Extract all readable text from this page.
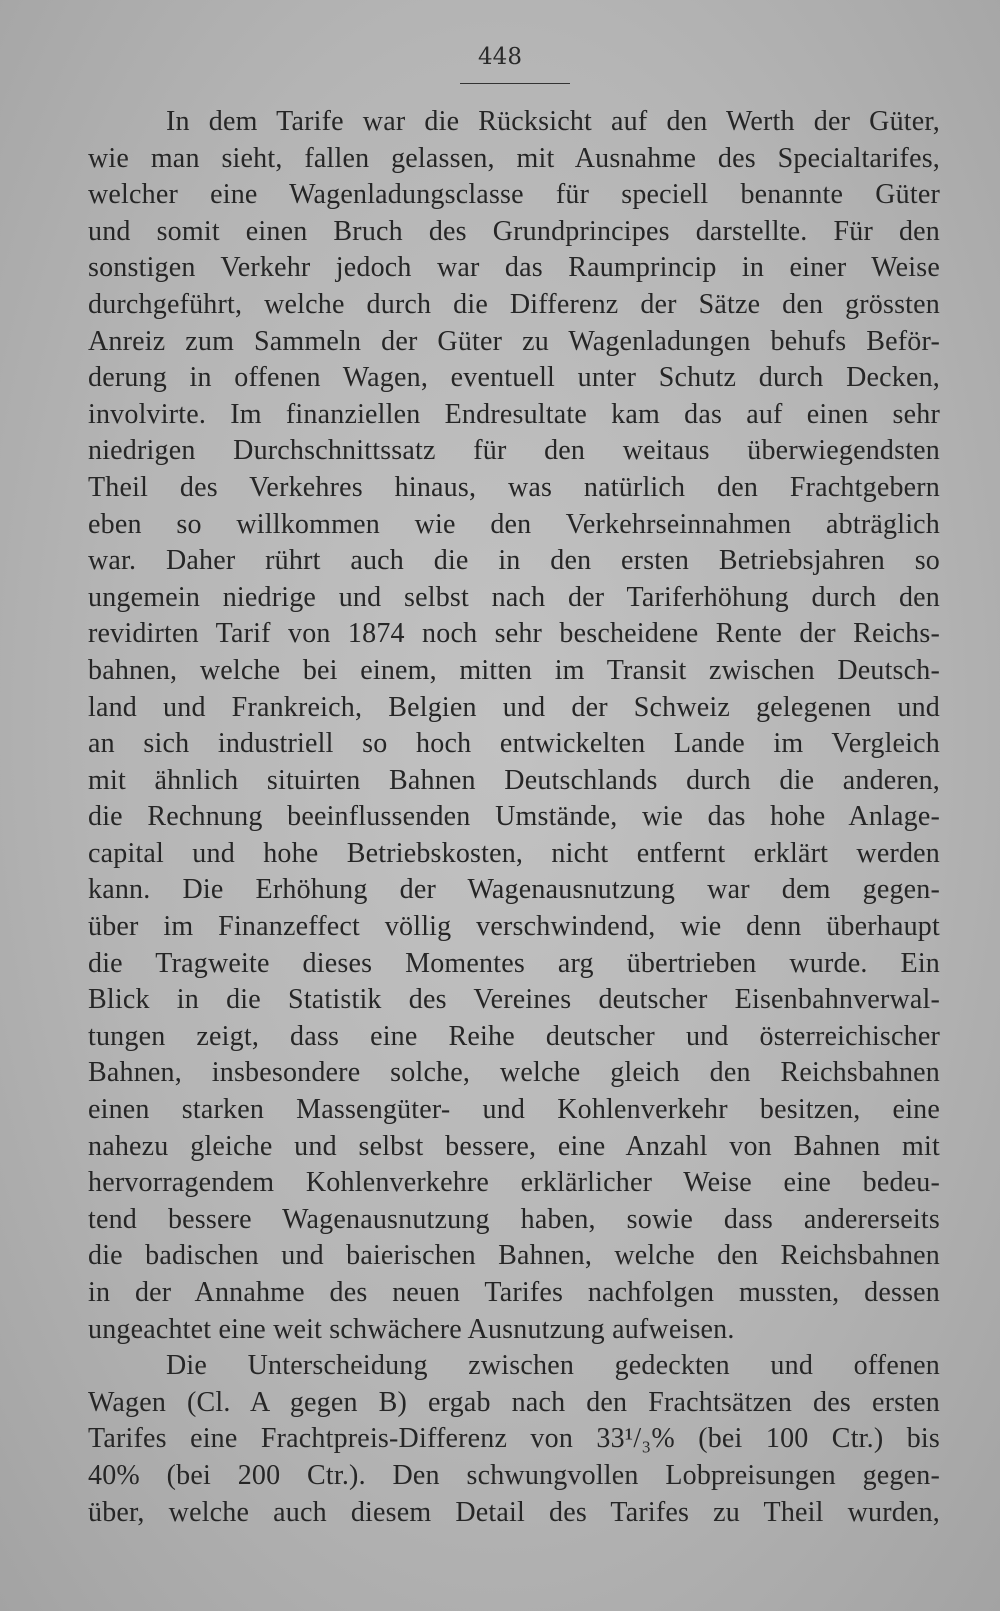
448
In dem Tarife war die Rücksicht auf den Werth der Güter,
wie man sieht, fallen gelassen, mit Ausnahme des Specialtarifes,
welcher eine Wagenladungsclasse für speciell benannte Güter
und somit einen Bruch des Grundprincipes darstellte. Für den
sonstigen Verkehr jedoch war das Raumprincip in einer Weise
durchgeführt, welche durch die Differenz der Sätze den grössten
Anreiz zum Sammeln der Güter zu Wagenladungen behufs Beför-
derung in offenen Wagen, eventuell unter Schutz durch Decken,
involvirte. Im finanziellen Endresultate kam das auf einen sehr
niedrigen Durchschnittssatz für den weitaus überwiegendsten
Theil des Verkehres hinaus, was natürlich den Frachtgebern
eben so willkommen wie den Verkehrseinnahmen abträglich
war. Daher rührt auch die in den ersten Betriebsjahren so
ungemein niedrige und selbst nach der Tariferhöhung durch den
revidirten Tarif von 1874 noch sehr bescheidene Rente der Reichs-
bahnen, welche bei einem, mitten im Transit zwischen Deutsch-
land und Frankreich, Belgien und der Schweiz gelegenen und
an sich industriell so hoch entwickelten Lande im Vergleich
mit ähnlich situirten Bahnen Deutschlands durch die anderen,
die Rechnung beeinflussenden Umstände, wie das hohe Anlage-
capital und hohe Betriebskosten, nicht entfernt erklärt werden
kann. Die Erhöhung der Wagenausnutzung war dem gegen-
über im Finanzeffect völlig verschwindend, wie denn überhaupt
die Tragweite dieses Momentes arg übertrieben wurde. Ein
Blick in die Statistik des Vereines deutscher Eisenbahnverwal-
tungen zeigt, dass eine Reihe deutscher und österreichischer
Bahnen, insbesondere solche, welche gleich den Reichsbahnen
einen starken Massengüter- und Kohlenverkehr besitzen, eine
nahezu gleiche und selbst bessere, eine Anzahl von Bahnen mit
hervorragendem Kohlenverkehre erklärlicher Weise eine bedeu-
tend bessere Wagenausnutzung haben, sowie dass andererseits
die badischen und baierischen Bahnen, welche den Reichsbahnen
in der Annahme des neuen Tarifes nachfolgen mussten, dessen
ungeachtet eine weit schwächere Ausnutzung aufweisen.
Die Unterscheidung zwischen gedeckten und offenen
Wagen (Cl. A gegen B) ergab nach den Frachtsätzen des ersten
Tarifes eine Frachtpreis-Differenz von 33¹/₃% (bei 100 Ctr.) bis
40% (bei 200 Ctr.). Den schwungvollen Lobpreisungen gegen-
über, welche auch diesem Detail des Tarifes zu Theil wurden,
